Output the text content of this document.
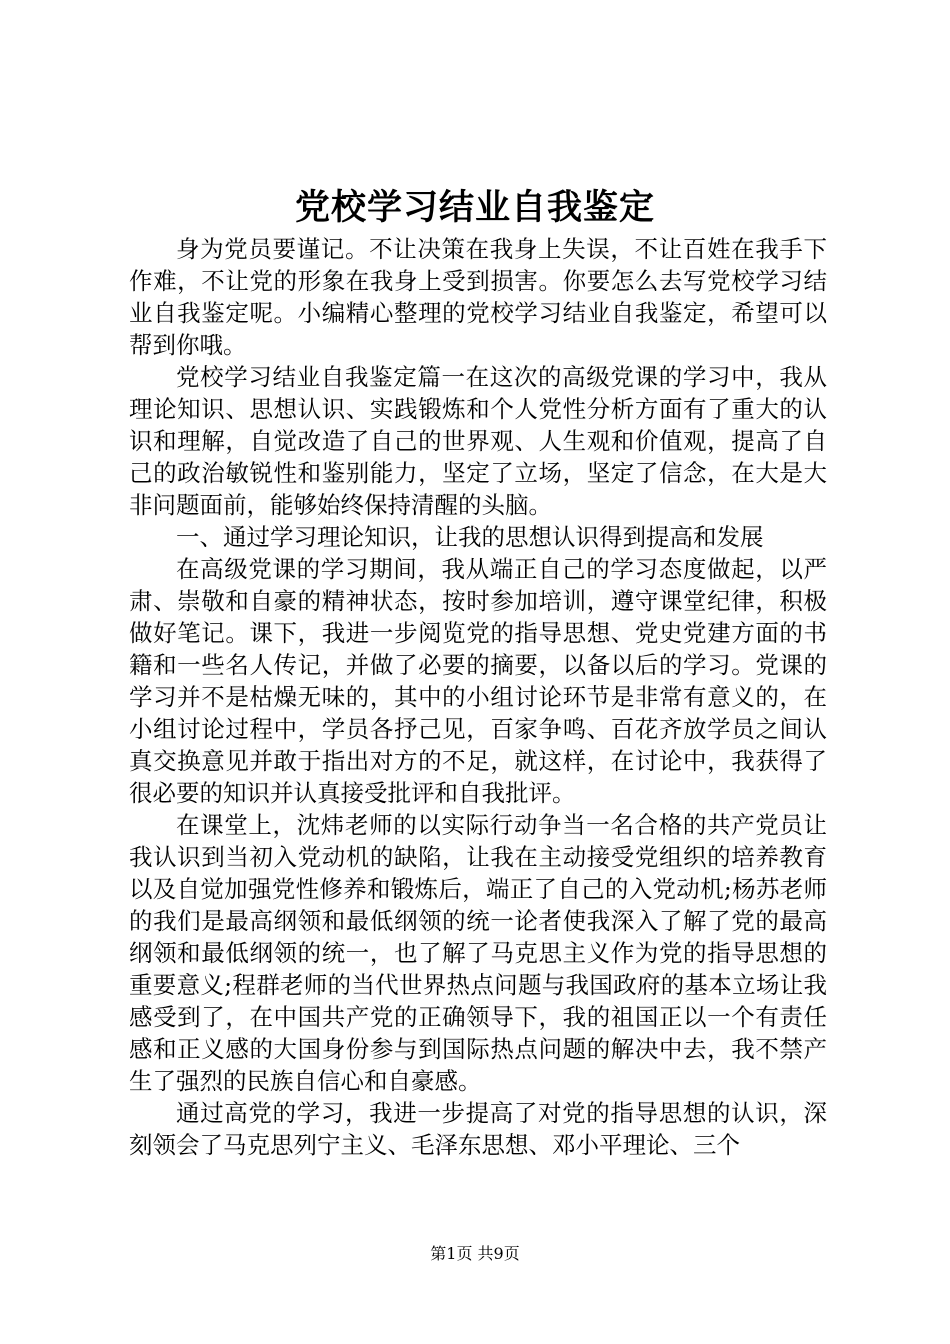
党校学习结业自我鉴定

身为党员要谨记。不让决策在我身上失误，不让百姓在我手下作难，不让党的形象在我身上受到损害。你要怎么去写党校学习结业自我鉴定呢。小编精心整理的党校学习结业自我鉴定，希望可以帮到你哦。

党校学习结业自我鉴定篇一在这次的高级党课的学习中，我从理论知识、思想认识、实践锻炼和个人党性分析方面有了重大的认识和理解，自觉改造了自己的世界观、人生观和价值观，提高了自己的政治敏锐性和鉴别能力，坚定了立场，坚定了信念，在大是大非问题面前，能够始终保持清醒的头脑。

一、通过学习理论知识，让我的思想认识得到提高和发展

在高级党课的学习期间，我从端正自己的学习态度做起，以严肃、崇敬和自豪的精神状态，按时参加培训，遵守课堂纪律，积极做好笔记。课下，我进一步阅览党的指导思想、党史党建方面的书籍和一些名人传记，并做了必要的摘要，以备以后的学习。党课的学习并不是枯燥无味的，其中的小组讨论环节是非常有意义的，在小组讨论过程中，学员各抒己见，百家争鸣、百花齐放学员之间认真交换意见并敢于指出对方的不足，就这样，在讨论中，我获得了很必要的知识并认真接受批评和自我批评。

在课堂上，沈炜老师的以实际行动争当一名合格的共产党员让我认识到当初入党动机的缺陷，让我在主动接受党组织的培养教育以及自觉加强党性修养和锻炼后，端正了自己的入党动机;杨苏老师的我们是最高纲领和最低纲领的统一论者使我深入了解了党的最高纲领和最低纲领的统一，也了解了马克思主义作为党的指导思想的重要意义;程群老师的当代世界热点问题与我国政府的基本立场让我感受到了，在中国共产党的正确领导下，我的祖国正以一个有责任感和正义感的大国身份参与到国际热点问题的解决中去，我不禁产生了强烈的民族自信心和自豪感。

通过高党的学习，我进一步提高了对党的指导思想的认识，深刻领会了马克思列宁主义、毛泽东思想、邓小平理论、三个

第1页 共9页
